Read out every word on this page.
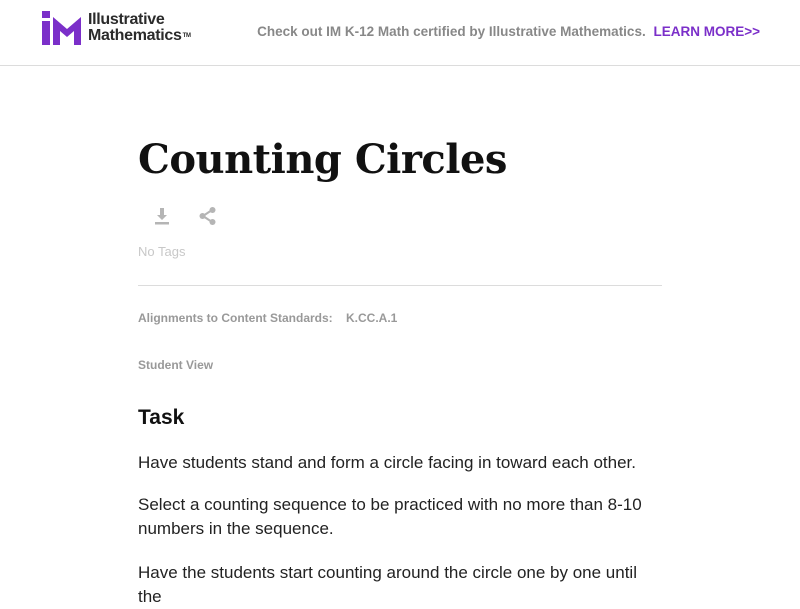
Illustrative
Mathematics™	Check out IM K-12 Math certified by Illustrative Mathematics. LEARN MORE>>
Counting Circles
No Tags
Alignments to Content Standards: K.CC.A.1
Student View
Task
Have students stand and form a circle facing in toward each other.
Select a counting sequence to be practiced with no more than 8-10 numbers in the sequence.
Have the students start counting around the circle one by one until the
